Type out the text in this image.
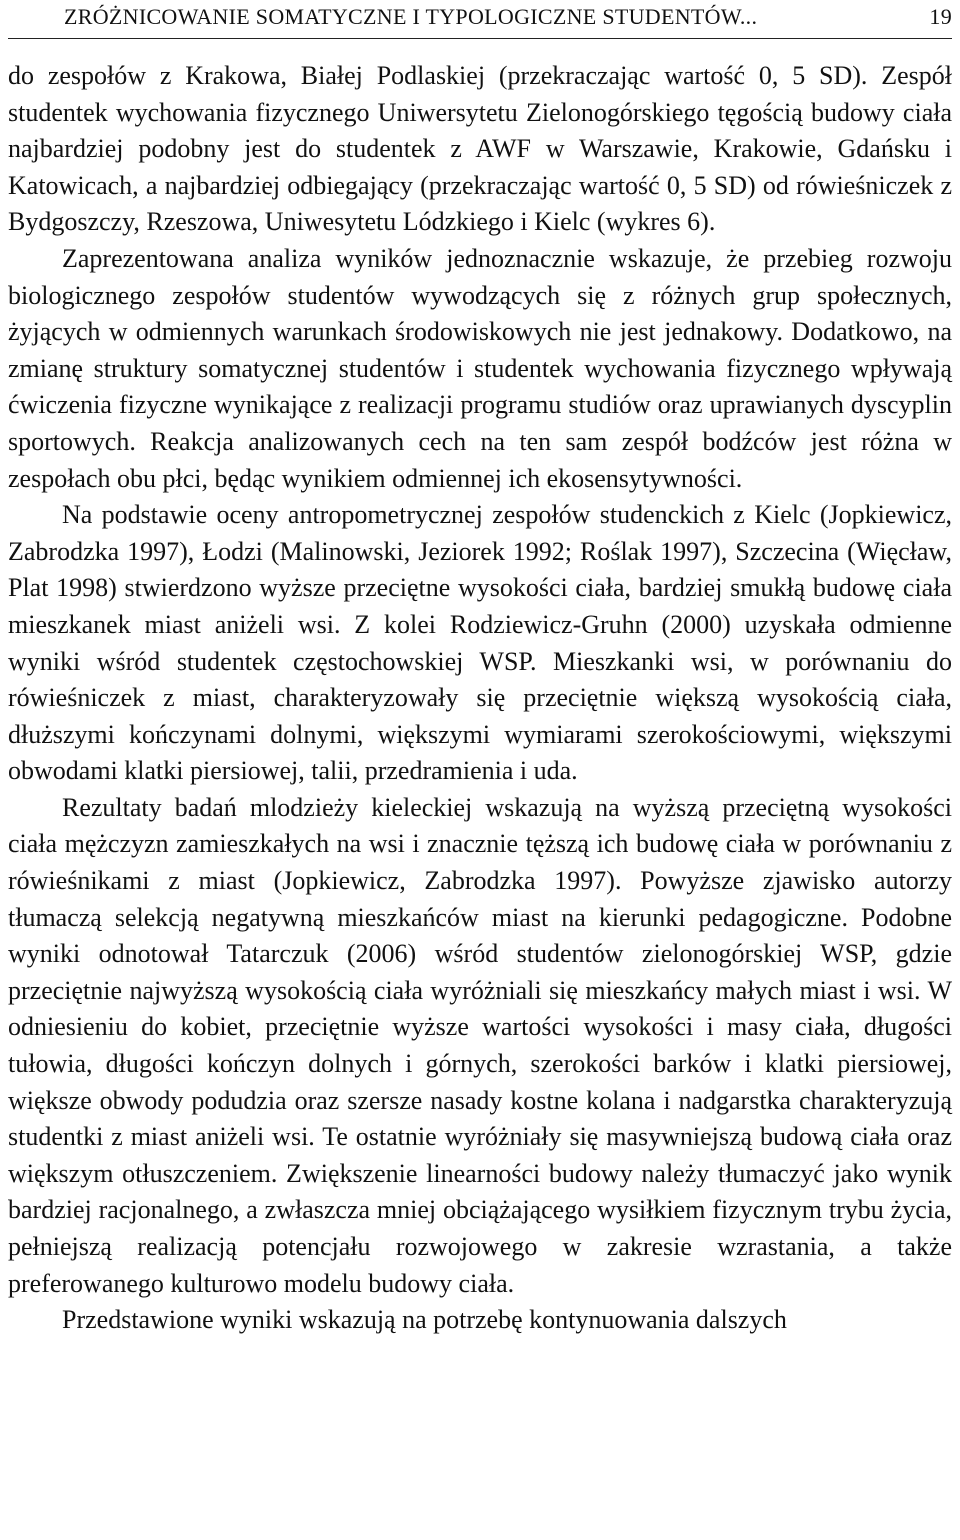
ZRÓŻNICOWANIE SOMATYCZNE I TYPOLOGICZNE STUDENTÓW...	19

do zespołów z Krakowa, Białej Podlaskiej (przekraczając wartość 0, 5 SD). Zespół studentek wychowania fizycznego Uniwersytetu Zielonogórskiego tęgością budowy ciała najbardziej podobny jest do studentek z AWF w Warszawie, Krakowie, Gdańsku i Katowicach, a najbardziej odbiegający (przekraczając wartość 0, 5 SD) od rówieśniczek z Bydgoszczy, Rzeszowa, Uniwesytetu Lódzkiego i Kielc (wykres 6).

Zaprezentowana analiza wyników jednoznacznie wskazuje, że przebieg rozwoju biologicznego zespołów studentów wywodzących się z różnych grup społecznych, żyjących w odmiennych warunkach środowiskowych nie jest jednakowy. Dodatkowo, na zmianę struktury somatycznej studentów i studentek wychowania fizycznego wpływają ćwiczenia fizyczne wynikające z realizacji programu studiów oraz uprawianych dyscyplin sportowych. Reakcja analizowanych cech na ten sam zespół bodźców jest różna w zespołach obu płci, będąc wynikiem odmiennej ich ekosensytywności.

Na podstawie oceny antropometrycznej zespołów studenckich z Kielc (Jopkiewicz, Zabrodzka 1997), Łodzi (Malinowski, Jeziorek 1992; Roślak 1997), Szczecina (Więcław, Plat 1998) stwierdzono wyższe przeciętne wysokości ciała, bardziej smukłą budowę ciała mieszkanek miast aniżeli wsi. Z kolei Rodziewicz-Gruhn (2000) uzyskała odmienne wyniki wśród studentek częstochowskiej WSP. Mieszkanki wsi, w porównaniu do rówieśniczek z miast, charakteryzowały się przeciętnie większą wysokością ciała, dłuższymi kończynami dolnymi, większymi wymiarami szerokościowymi, większymi obwodami klatki piersiowej, talii, przedramienia i uda.

Rezultaty badań mlodzieży kieleckiej wskazują na wyższą przeciętną wysokości ciała mężczyzn zamieszkałych na wsi i znacznie tęższą ich budowę ciała w porównaniu z rówieśnikami z miast (Jopkiewicz, Zabrodzka 1997). Powyższe zjawisko autorzy tłumaczą selekcją negatywną mieszkańców miast na kierunki pedagogiczne. Podobne wyniki odnotował Tatarczuk (2006) wśród studentów zielonogórskiej WSP, gdzie przeciętnie najwyższą wysokością ciała wyróżniali się mieszkańcy małych miast i wsi. W odniesieniu do kobiet, przeciętnie wyższe wartości wysokości i masy ciała, długości tułowia, długości kończyn dolnych i górnych, szerokości barków i klatki piersiowej, większe obwody podudzia oraz szersze nasady kostne kolana i nadgarstka charakteryzują studentki z miast aniżeli wsi. Te ostatnie wyróżniały się masywniejszą budową ciała oraz większym otłuszczeniem. Zwiększenie linearności budowy należy tłumaczyć jako wynik bardziej racjonalnego, a zwłaszcza mniej obciążającego wysiłkiem fizycznym trybu życia, pełniejszą realizacją potencjału rozwojowego w zakresie wzrastania, a także preferowanego kulturowo modelu budowy ciała.

Przedstawione wyniki wskazują na potrzebę kontynuowania dalszych
